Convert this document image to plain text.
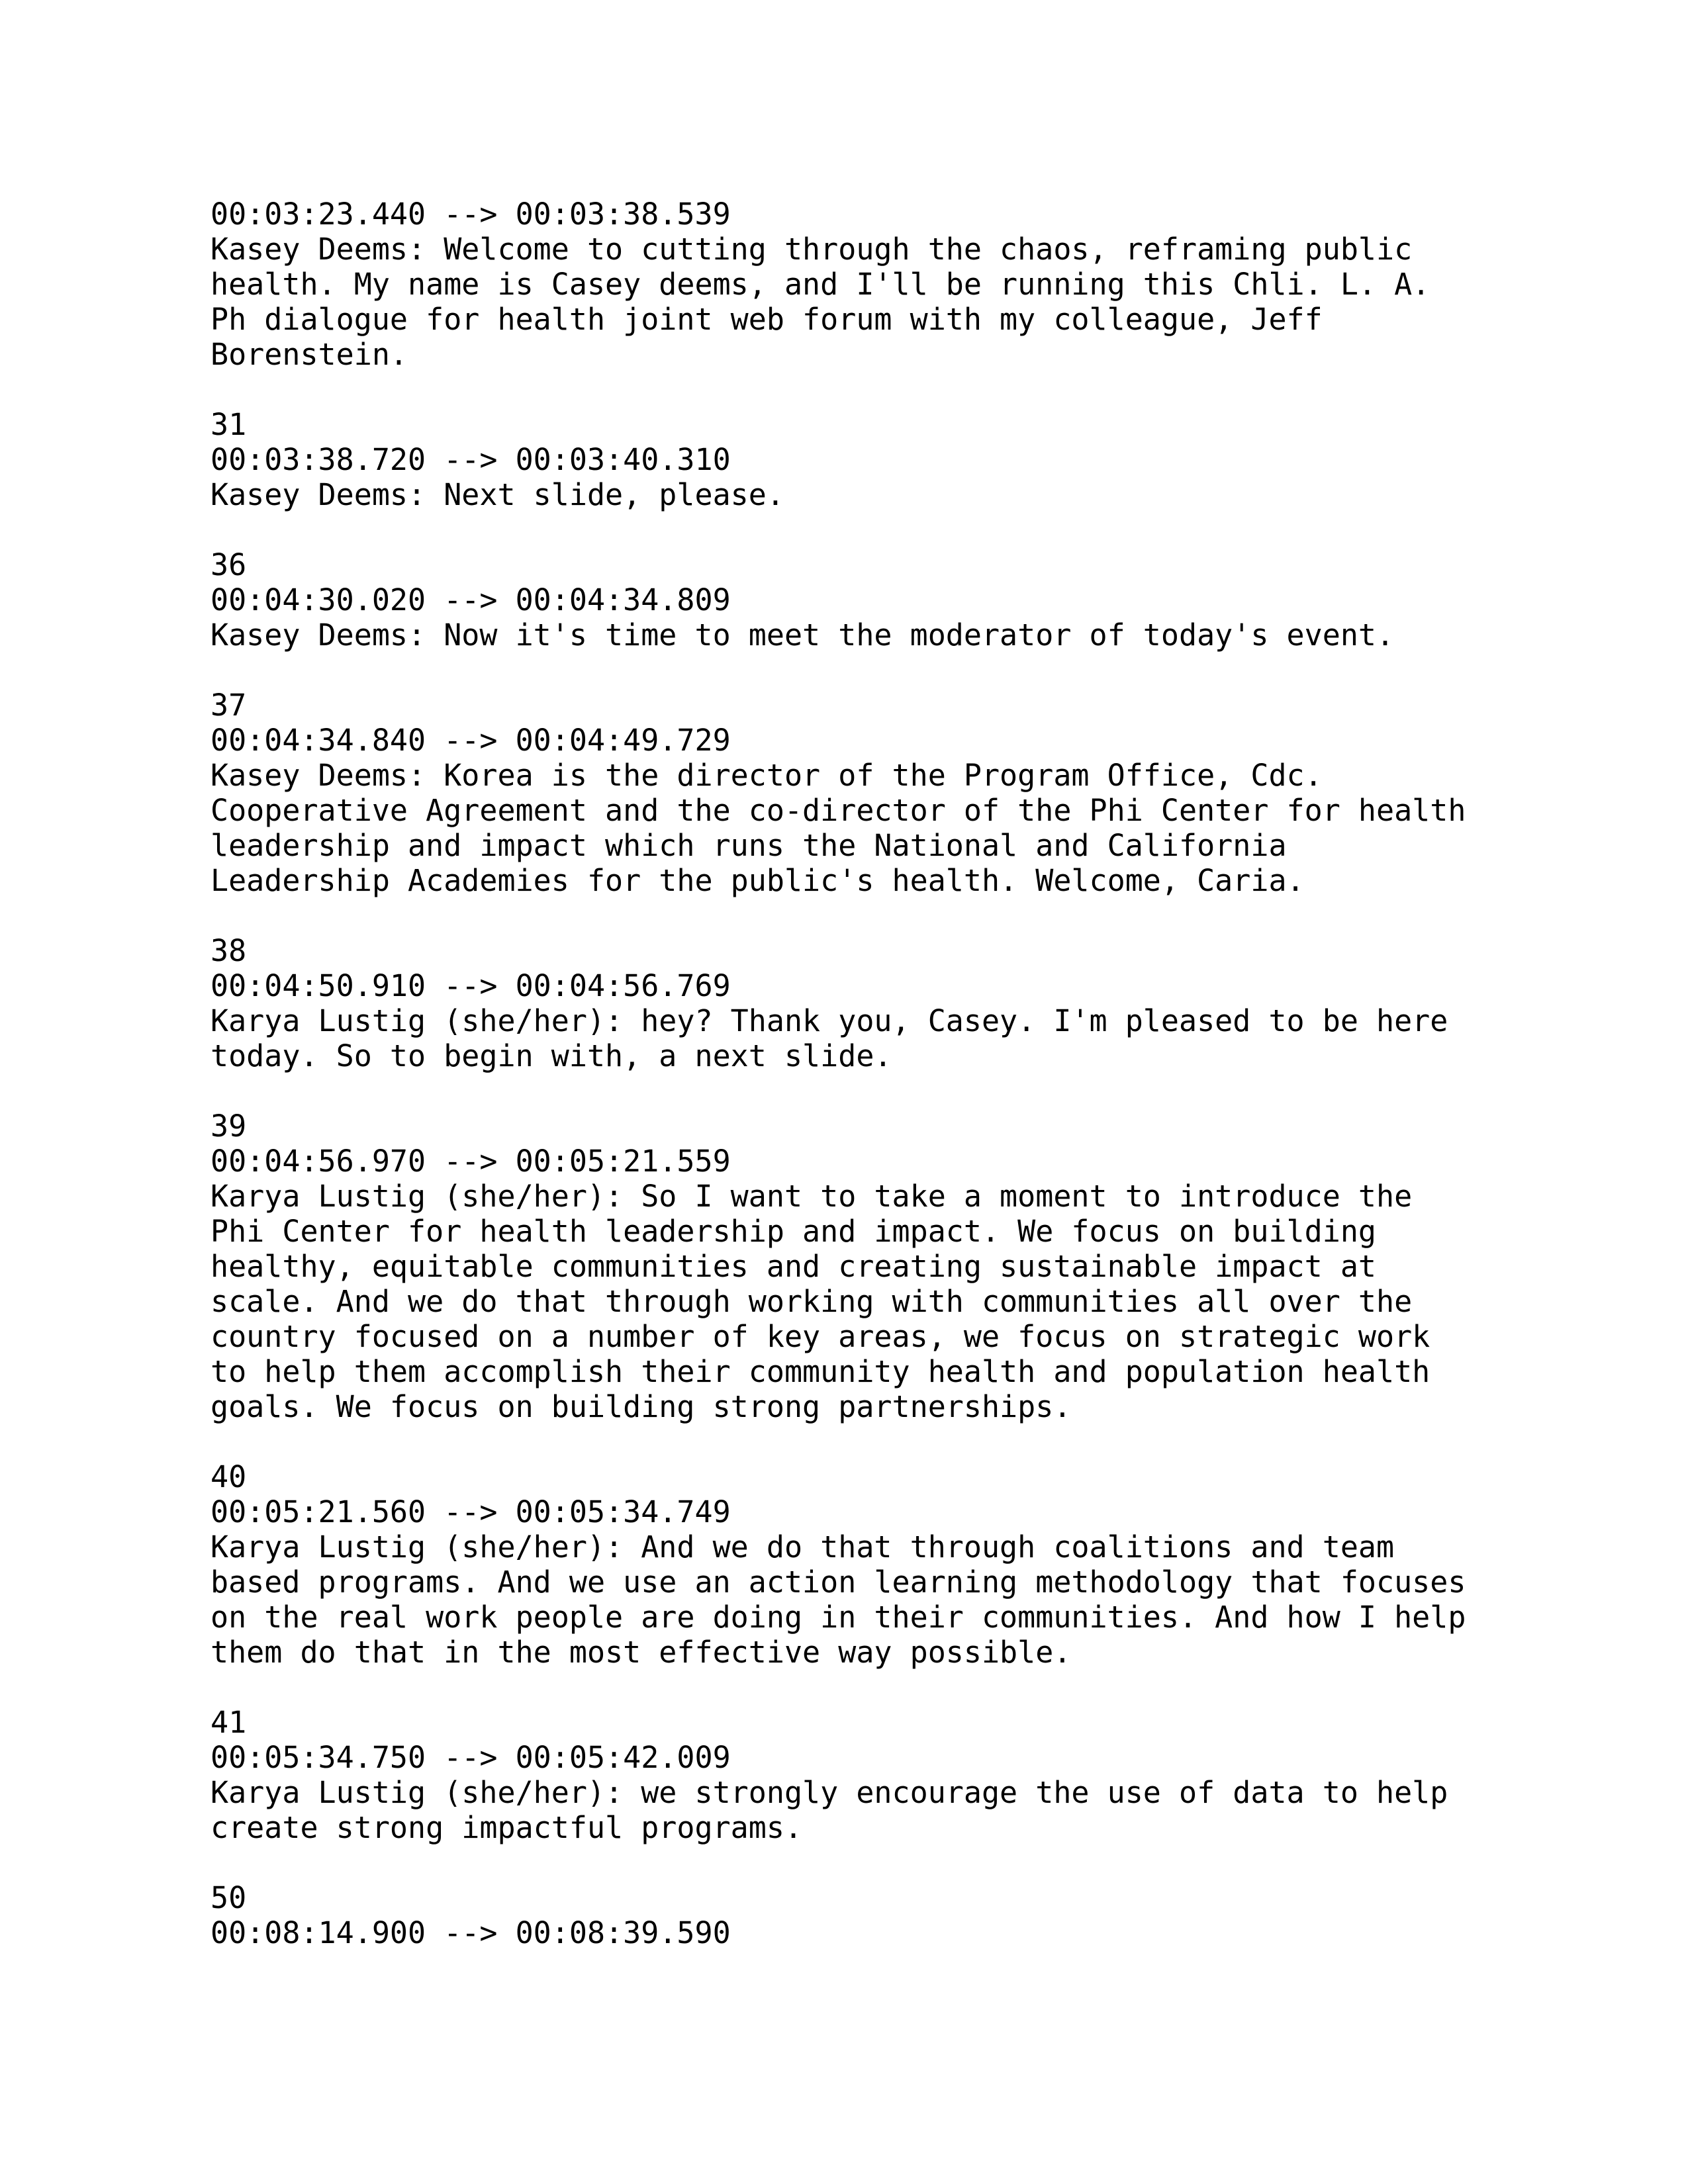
00:03:23.440 --> 00:03:38.539
Kasey Deems: Welcome to cutting through the chaos, reframing public
health. My name is Casey deems, and I'll be running this Chli. L. A.
Ph dialogue for health joint web forum with my colleague, Jeff
Borenstein.
31
00:03:38.720 --> 00:03:40.310
Kasey Deems: Next slide, please.
36
00:04:30.020 --> 00:04:34.809
Kasey Deems: Now it's time to meet the moderator of today's event.
37
00:04:34.840 --> 00:04:49.729
Kasey Deems: Korea is the director of the Program Office, Cdc.
Cooperative Agreement and the co-director of the Phi Center for health
leadership and impact which runs the National and California
Leadership Academies for the public's health. Welcome, Caria.
38
00:04:50.910 --> 00:04:56.769
Karya Lustig (she/her): hey? Thank you, Casey. I'm pleased to be here
today. So to begin with, a next slide.
39
00:04:56.970 --> 00:05:21.559
Karya Lustig (she/her): So I want to take a moment to introduce the
Phi Center for health leadership and impact. We focus on building
healthy, equitable communities and creating sustainable impact at
scale. And we do that through working with communities all over the
country focused on a number of key areas, we focus on strategic work
to help them accomplish their community health and population health
goals. We focus on building strong partnerships.
40
00:05:21.560 --> 00:05:34.749
Karya Lustig (she/her): And we do that through coalitions and team
based programs. And we use an action learning methodology that focuses
on the real work people are doing in their communities. And how I help
them do that in the most effective way possible.
41
00:05:34.750 --> 00:05:42.009
Karya Lustig (she/her): we strongly encourage the use of data to help
create strong impactful programs.
50
00:08:14.900 --> 00:08:39.590
